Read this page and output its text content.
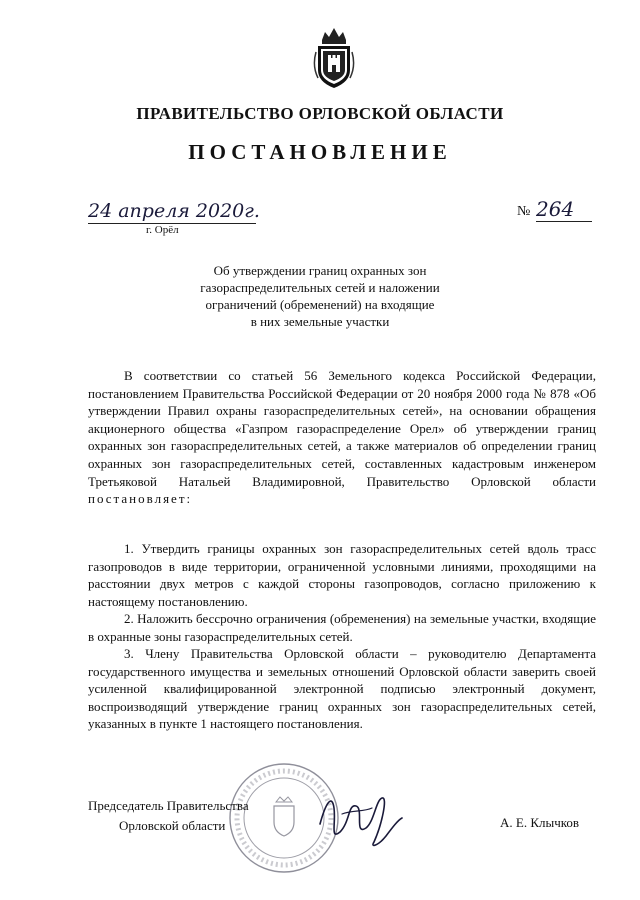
ПРАВИТЕЛЬСТВО ОРЛОВСКОЙ ОБЛАСТИ
ПОСТАНОВЛЕНИЕ
24 апреля 2020г.
г. Орёл
№ 264
Об утверждении границ охранных зон
газораспределительных сетей и наложении
ограничений (обременений) на входящие
в них земельные участки

В соответствии со статьей 56 Земельного кодекса Российской Федерации, постановлением Правительства Российской Федерации от 20 ноября 2000 года № 878 «Об утверждении Правил охраны газораспределительных сетей», на основании обращения акционерного общества «Газпром газораспределение Орел» об утверждении границ охранных зон газораспределительных сетей, а также материалов об определении границ охранных зон газораспределительных сетей, составленных кадастровым инженером Третьяковой Натальей Владимировной, Правительство Орловской области постановляет:

1. Утвердить границы охранных зон газораспределительных сетей вдоль трасс газопроводов в виде территории, ограниченной условными линиями, проходящими на расстоянии двух метров с каждой стороны газопроводов, согласно приложению к настоящему постановлению.

2. Наложить бессрочно ограничения (обременения) на земельные участки, входящие в охранные зоны газораспределительных сетей.

3. Члену Правительства Орловской области – руководителю Департамента государственного имущества и земельных отношений Орловской области заверить своей усиленной квалифицированной электронной подписью электронный документ, воспроизводящий утверждение границ охранных зон газораспределительных сетей, указанных в пункте 1 настоящего постановления.

Председатель Правительства
Орловской области	А. Е. Клычков
